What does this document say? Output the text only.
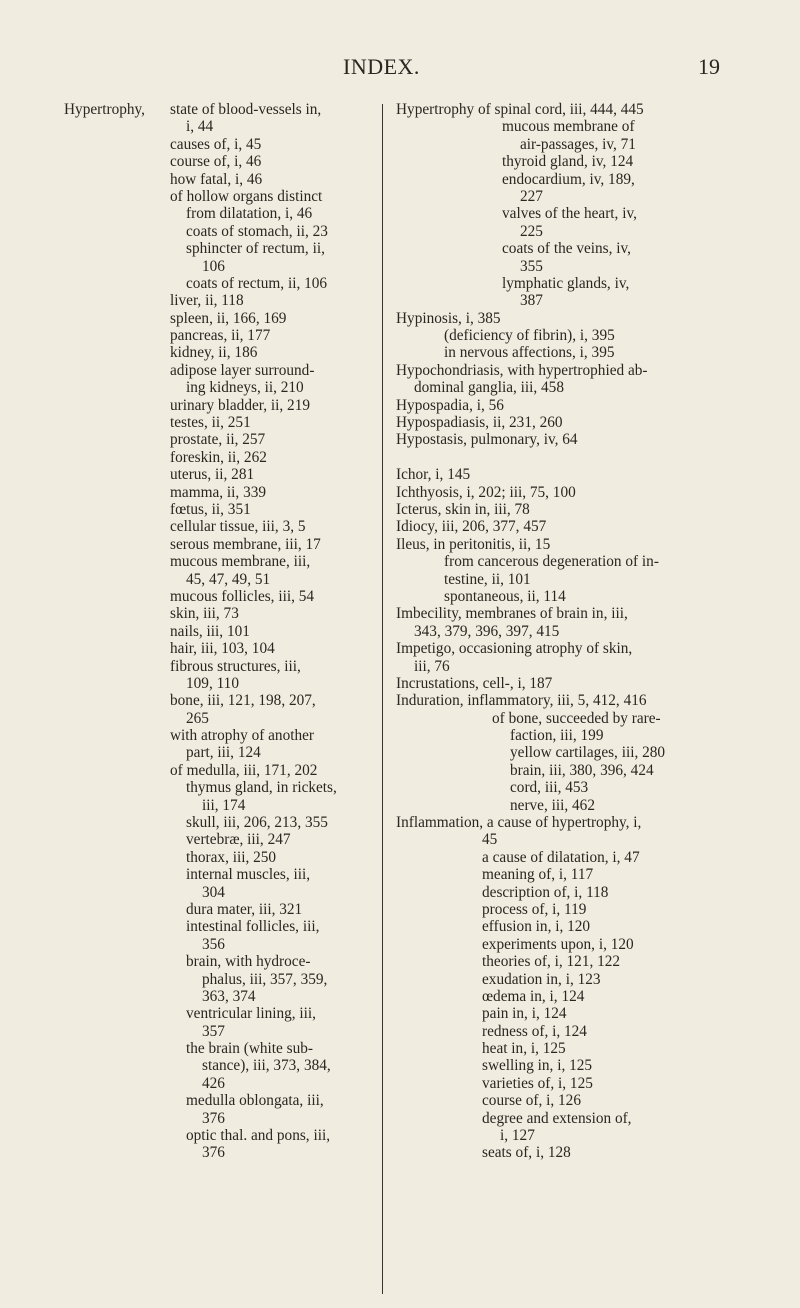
INDEX.	19
Hypertrophy,	state of blood-vessels in,
i, 44
causes of, i, 45
course of, i, 46
how fatal, i, 46
of hollow organs distinct
from dilatation, i, 46
coats of stomach, ii, 23
sphincter of rectum, ii,
106
coats of rectum, ii, 106
liver, ii, 118
spleen, ii, 166, 169
pancreas, ii, 177
kidney, ii, 186
adipose layer surround-
ing kidneys, ii, 210
urinary bladder, ii, 219
testes, ii, 251
prostate, ii, 257
foreskin, ii, 262
uterus, ii, 281
mamma, ii, 339
fœtus, ii, 351
cellular tissue, iii, 3, 5
serous membrane, iii, 17
mucous membrane, iii,
45, 47, 49, 51
mucous follicles, iii, 54
skin, iii, 73
nails, iii, 101
hair, iii, 103, 104
fibrous structures, iii,
109, 110
bone, iii, 121, 198, 207,
265
with atrophy of another
part, iii, 124
of medulla, iii, 171, 202
thymus gland, in rickets,
iii, 174
skull, iii, 206, 213, 355
vertebræ, iii, 247
thorax, iii, 250
internal muscles, iii,
304
dura mater, iii, 321
intestinal follicles, iii,
356
brain, with hydroce-
phalus, iii, 357, 359,
363, 374
ventricular lining, iii,
357
the brain (white sub-
stance), iii, 373, 384,
426
medulla oblongata, iii,
376
optic thal. and pons, iii,
376
Hypertrophy of spinal cord, iii, 444, 445
mucous membrane of
air-passages, iv, 71
thyroid gland, iv, 124
endocardium, iv, 189,
227
valves of the heart, iv,
225
coats of the veins, iv,
355
lymphatic glands, iv,
387
Hypinosis, i, 385
(deficiency of fibrin), i, 395
in nervous affections, i, 395
Hypochondriasis, with hypertrophied ab-
dominal ganglia, iii, 458
Hypospadia, i, 56
Hypospadiasis, ii, 231, 260
Hypostasis, pulmonary, iv, 64
Ichor, i, 145
Ichthyosis, i, 202; iii, 75, 100
Icterus, skin in, iii, 78
Idiocy, iii, 206, 377, 457
Ileus, in peritonitis, ii, 15
from cancerous degeneration of in-
testine, ii, 101
spontaneous, ii, 114
Imbecility, membranes of brain in, iii,
343, 379, 396, 397, 415
Impetigo, occasioning atrophy of skin,
iii, 76
Incrustations, cell-, i, 187
Induration, inflammatory, iii, 5, 412, 416
of bone, succeeded by rare-
faction, iii, 199
yellow cartilages, iii, 280
brain, iii, 380, 396, 424
cord, iii, 453
nerve, iii, 462
Inflammation, a cause of hypertrophy, i,
45
a cause of dilatation, i, 47
meaning of, i, 117
description of, i, 118
process of, i, 119
effusion in, i, 120
experiments upon, i, 120
theories of, i, 121, 122
exudation in, i, 123
œdema in, i, 124
pain in, i, 124
redness of, i, 124
heat in, i, 125
swelling in, i, 125
varieties of, i, 125
course of, i, 126
degree and extension of,
i, 127
seats of, i, 128
